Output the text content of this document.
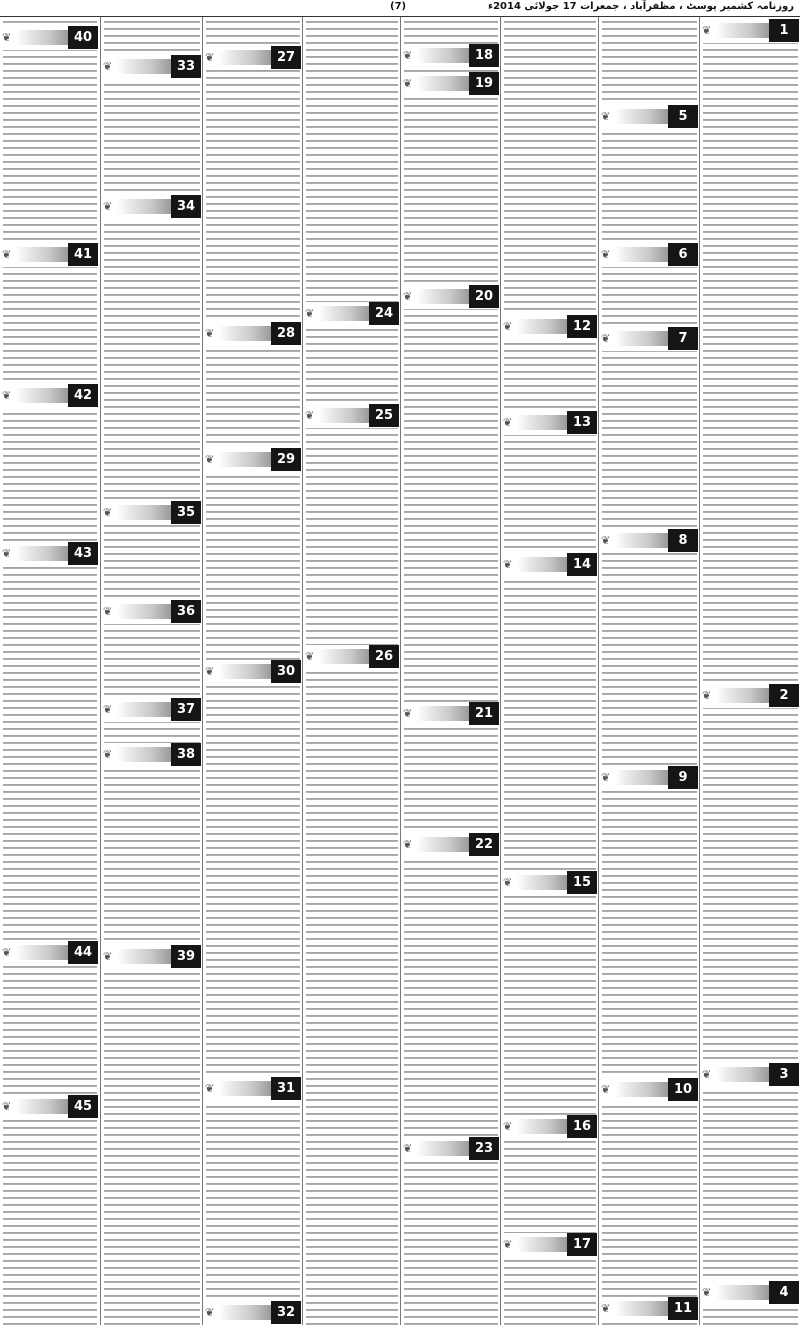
روزنامہ کشمیر پوسٹ ، مظفرآباد ، جمعرات 17 جولائی 2014ء
(7)
1
❦
2
❦
3
❦
4
❦
5
❦
6
❦
7
❦
8
❦
9
❦
10
❦
11
❦
12
❦
13
❦
14
❦
15
❦
16
❦
17
❦
18
❦
19
❦
20
❦
21
❦
22
❦
23
❦
24
❦
25
❦
26
❦
27
❦
28
❦
29
❦
30
❦
31
❦
32
❦
33
❦
34
❦
35
❦
36
❦
37
❦
38
❦
39
❦
40
❦
41
❦
42
❦
43
❦
44
❦
45
❦
